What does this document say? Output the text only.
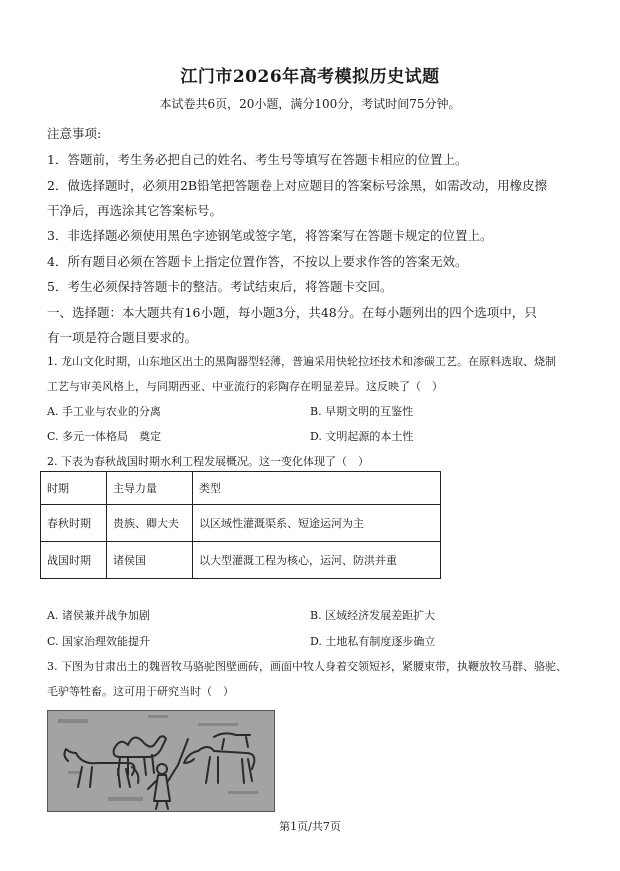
江门市2026年高考模拟历史试题
本试卷共6页，20小题，满分100分，考试时间75分钟。
注意事项:
1．答题前，考生务必把自己的姓名、考生号等填写在答题卡相应的位置上。
2．做选择题时，必须用2B铅笔把答题卷上对应题目的答案标号涂黑，如需改动，用橡皮擦
干净后，再选涂其它答案标号。
3．非选择题必须使用黑色字迹钢笔或签字笔，将答案写在答题卡规定的位置上。
4．所有题目必须在答题卡上指定位置作答，不按以上要求作答的答案无效。
5．考生必须保持答题卡的整洁。考试结束后，将答题卡交回。
一、选择题：本大题共有16小题，每小题3分，共48分。在每小题列出的四个选项中，只
有一项是符合题目要求的。
1. 龙山文化时期，山东地区出土的黑陶器型轻薄，普遍采用快轮拉坯技术和渗碳工艺。在原料选取、烧制
工艺与审美风格上，与同期西亚、中亚流行的彩陶存在明显差异。这反映了（　）
A. 手工业与农业的分离	B. 早期文明的互鉴性
C. 多元一体格局　奠定	D. 文明起源的本土性
2. 下表为春秋战国时期水利工程发展概况。这一变化体现了（　）
时期	主导力量	类型
春秋时期	贵族、卿大夫	以区域性灌溉渠系、短途运河为主
战国时期	诸侯国	以大型灌溉工程为核心，运河、防洪并重
A. 诸侯兼并战争加剧	B. 区域经济发展差距扩大
C. 国家治理效能提升	D. 土地私有制度逐步确立
3. 下图为甘肃出土的魏晋牧马骆驼图壁画砖，画面中牧人身着交领短衫，紧腰束带，执鞭放牧马群、骆驼、
毛驴等牲畜。这可用于研究当时（　）
第1页/共7页
